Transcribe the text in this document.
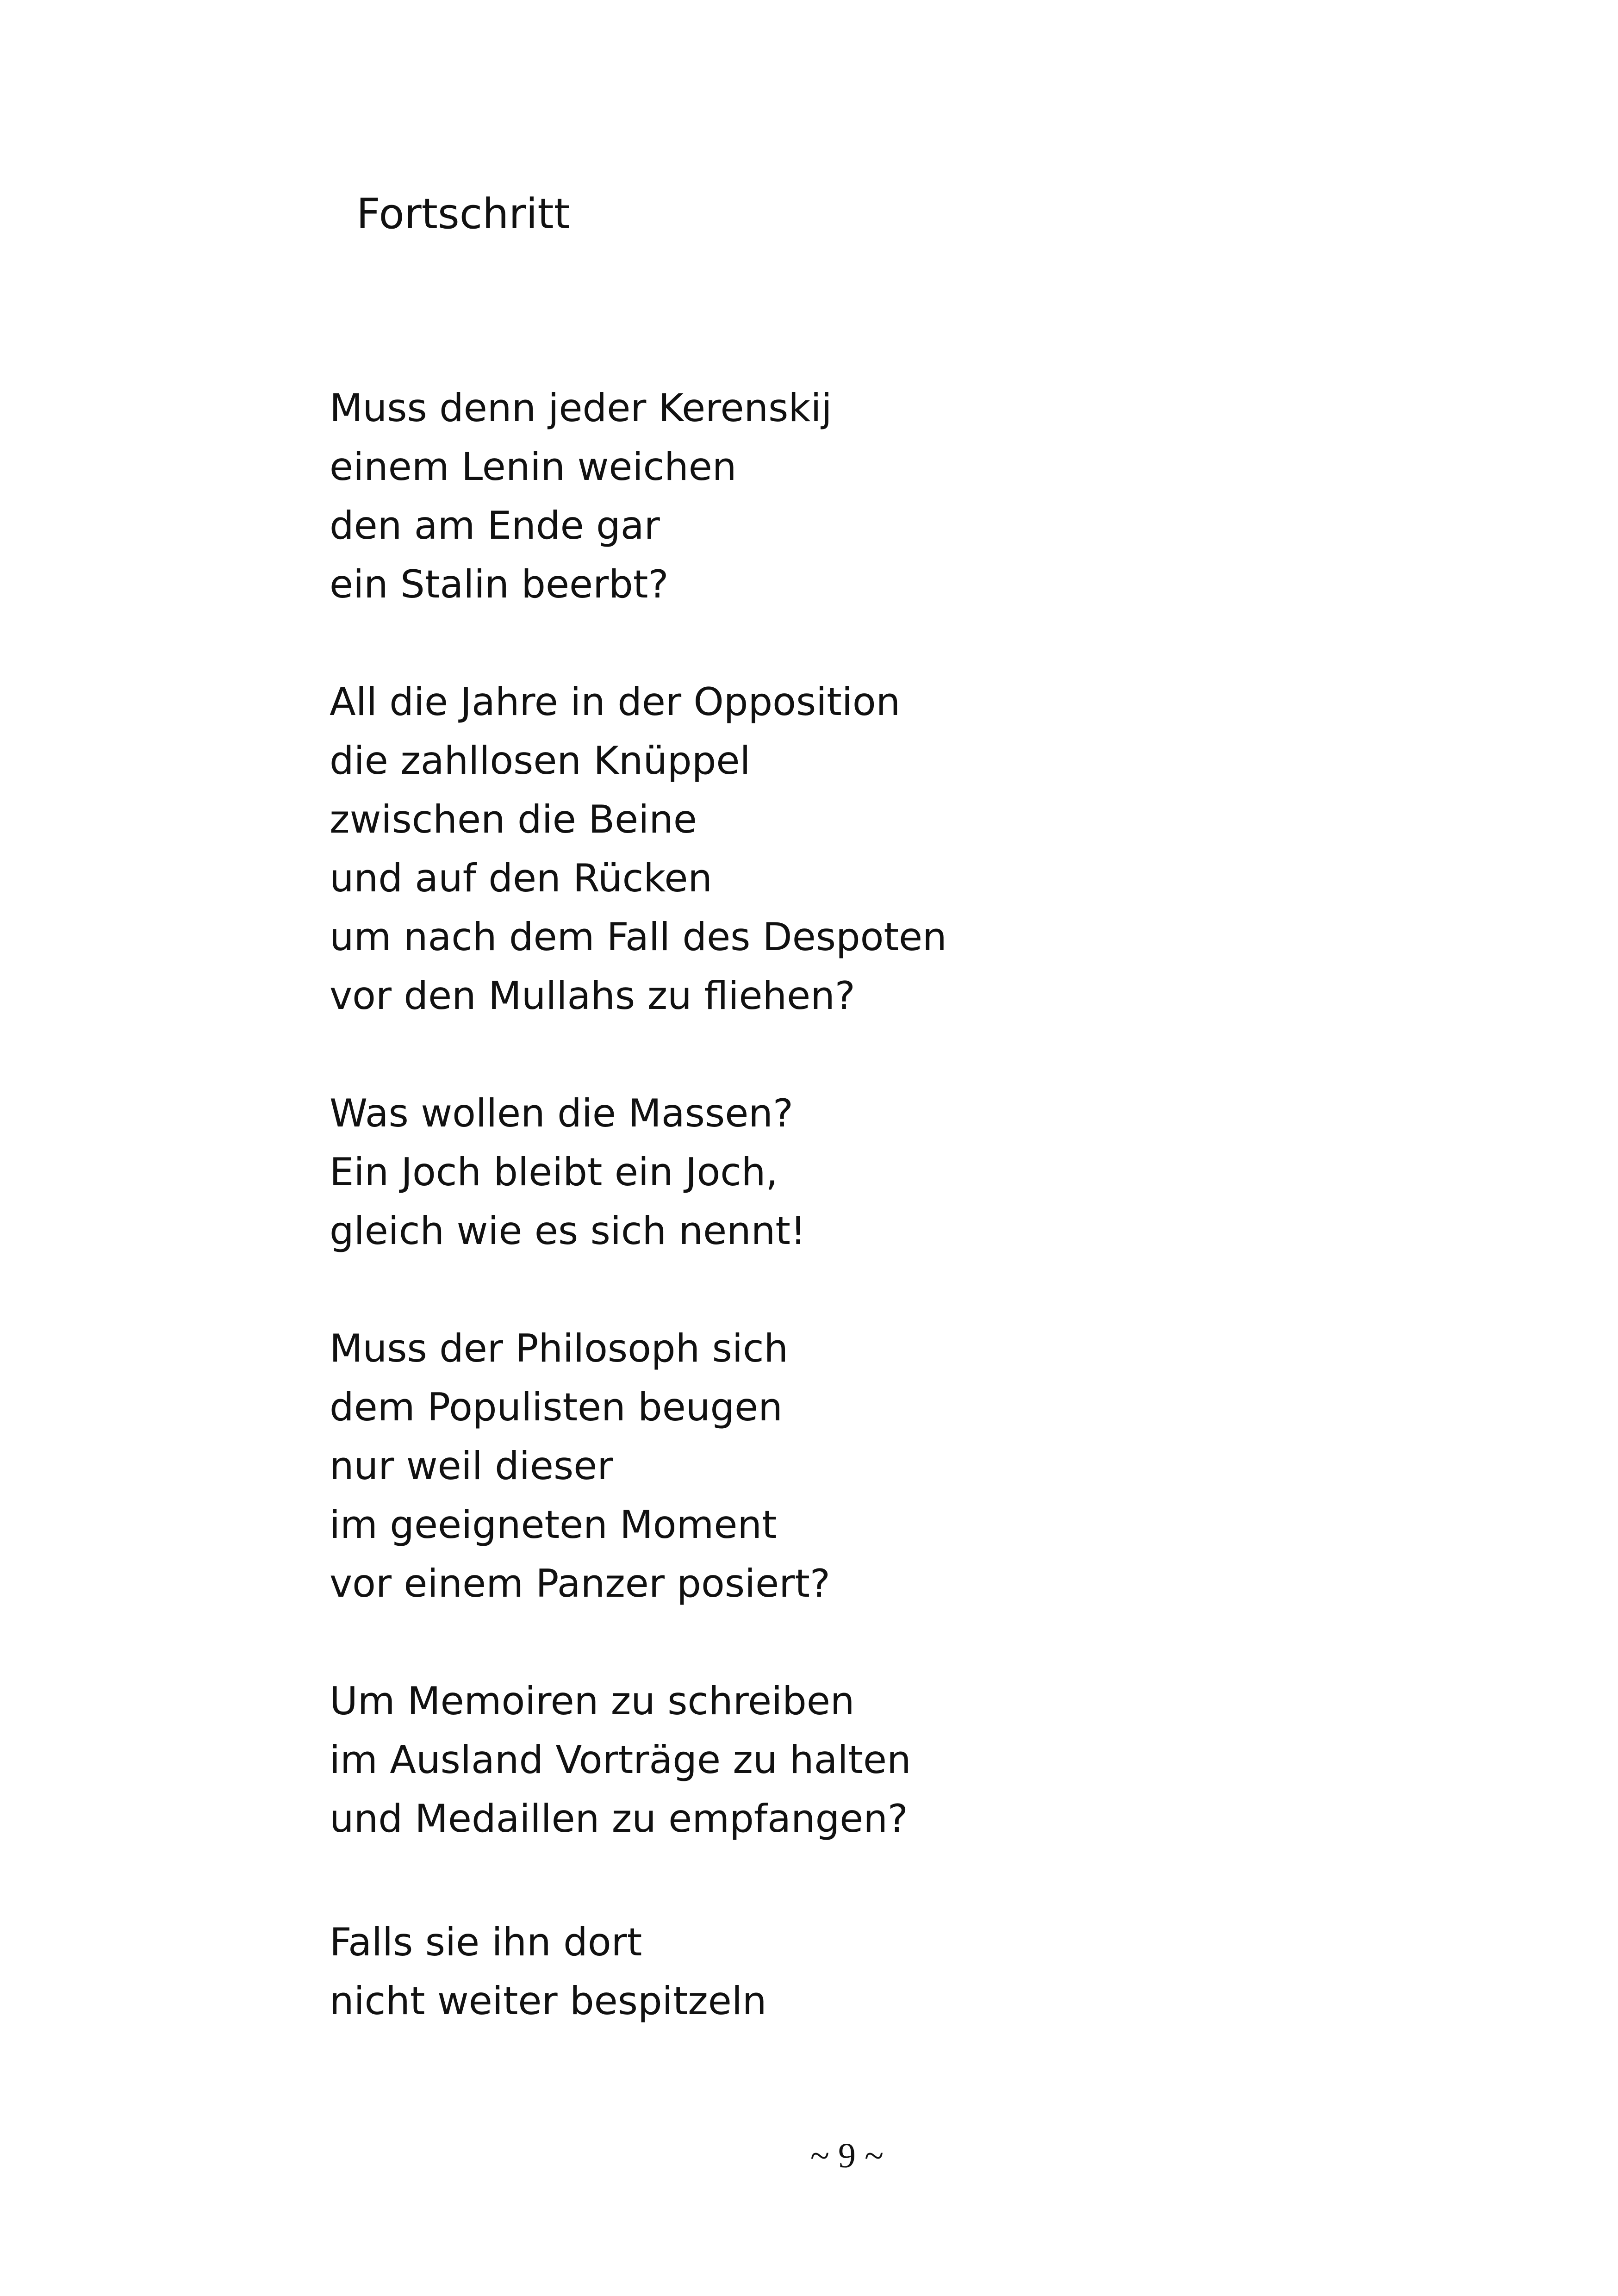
Fortschritt
Muss denn jeder Kerenskij
einem Lenin weichen
den am Ende gar
ein Stalin beerbt?
All die Jahre in der Opposition
die zahllosen Knüppel
zwischen die Beine
und auf den Rücken
um nach dem Fall des Despoten
vor den Mullahs zu fliehen?
Was wollen die Massen?
Ein Joch bleibt ein Joch,
gleich wie es sich nennt!
Muss der Philosoph sich
dem Populisten beugen
nur weil dieser
im geeigneten Moment
vor einem Panzer posiert?
Um Memoiren zu schreiben
im Ausland Vorträge zu halten
und Medaillen zu empfangen?
Falls sie ihn dort
nicht weiter bespitzeln
~ 9 ~
